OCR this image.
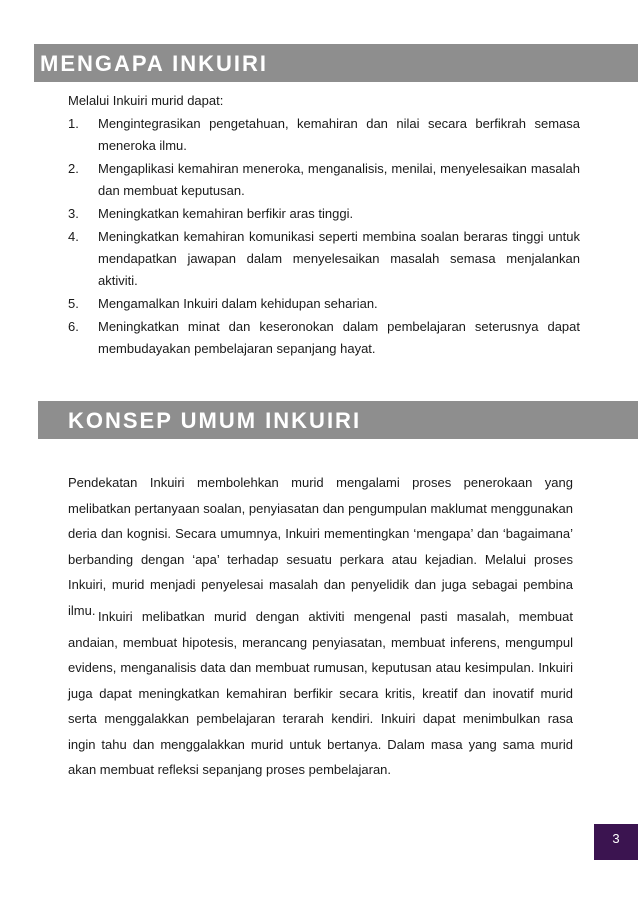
MENGAPA INKUIRI
Melalui Inkuiri murid dapat:
1. Mengintegrasikan pengetahuan, kemahiran dan nilai secara berfikrah semasa meneroka ilmu.
2. Mengaplikasi kemahiran meneroka, menganalisis, menilai, menyelesaikan masalah dan membuat keputusan.
3. Meningkatkan kemahiran berfikir aras tinggi.
4. Meningkatkan kemahiran komunikasi seperti membina soalan beraras tinggi untuk mendapatkan jawapan dalam menyelesaikan masalah semasa menjalankan aktiviti.
5. Mengamalkan Inkuiri dalam kehidupan seharian.
6. Meningkatkan minat dan keseronokan dalam pembelajaran seterusnya dapat membudayakan pembelajaran sepanjang hayat.
KONSEP UMUM INKUIRI

Pendekatan Inkuiri membolehkan murid mengalami proses penerokaan yang melibatkan pertanyaan soalan, penyiasatan dan pengumpulan maklumat menggunakan deria dan kognisi. Secara umumnya, Inkuiri mementingkan ‘mengapa’ dan ‘bagaimana’ berbanding dengan ‘apa’ terhadap sesuatu perkara atau kejadian. Melalui proses Inkuiri, murid menjadi penyelesai masalah dan penyelidik dan juga sebagai pembina ilmu. Inkuiri melibatkan murid dengan aktiviti mengenal pasti masalah, membuat andaian, membuat hipotesis, merancang penyiasatan, membuat inferens, mengumpul evidens, menganalisis data dan membuat rumusan, keputusan atau kesimpulan. Inkuiri juga dapat meningkatkan kemahiran berfikir secara kritis, kreatif dan inovatif murid serta menggalakkan pembelajaran terarah kendiri. Inkuiri dapat menimbulkan rasa ingin tahu dan menggalakkan murid untuk bertanya. Dalam masa yang sama murid akan membuat refleksi sepanjang proses pembelajaran.

3
